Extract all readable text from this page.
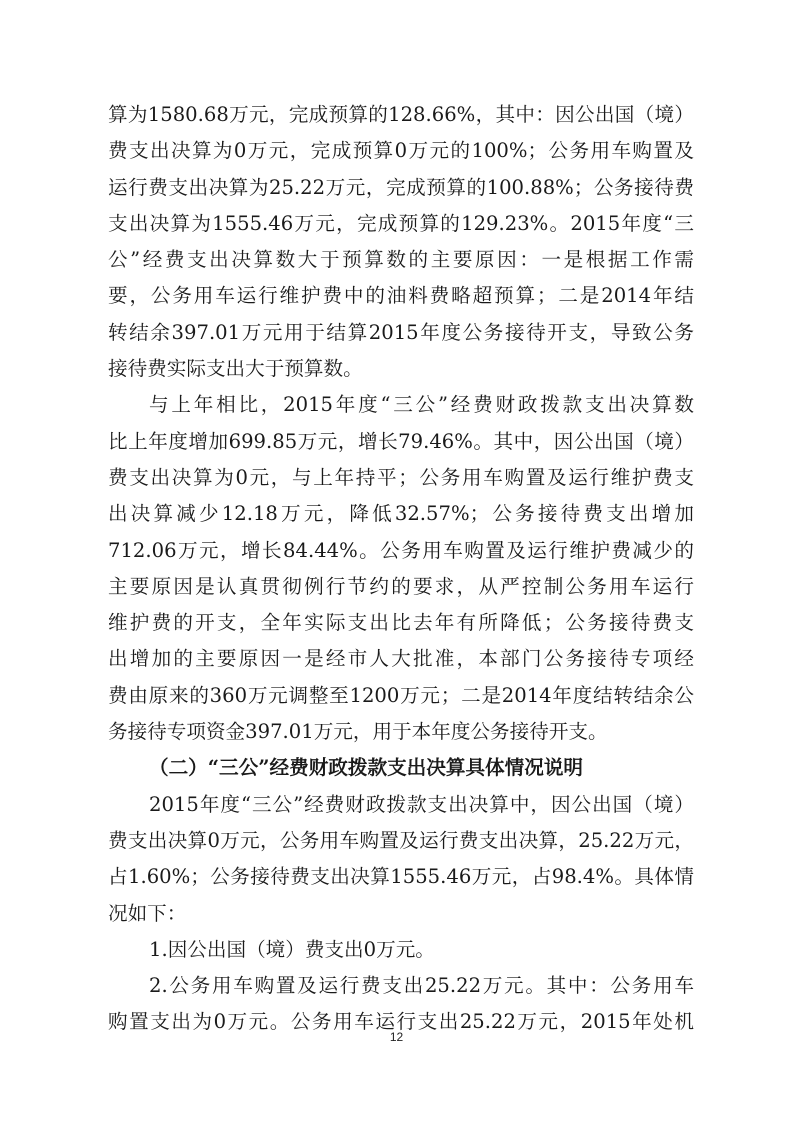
算为1580.68万元，完成预算的128.66%，其中：因公出国（境）
费支出决算为0万元，完成预算0万元的100%；公务用车购置及
运行费支出决算为25.22万元，完成预算的100.88%；公务接待费
支出决算为1555.46万元，完成预算的129.23%。2015年度“三
公”经费支出决算数大于预算数的主要原因：一是根据工作需
要，公务用车运行维护费中的油料费略超预算；二是2014年结
转结余397.01万元用于结算2015年度公务接待开支，导致公务
接待费实际支出大于预算数。
与上年相比，2015年度“三公”经费财政拨款支出决算数
比上年度增加699.85万元，增长79.46%。其中，因公出国（境）
费支出决算为0元，与上年持平；公务用车购置及运行维护费支
出决算减少12.18万元，降低32.57%；公务接待费支出增加
712.06万元，增长84.44%。公务用车购置及运行维护费减少的
主要原因是认真贯彻例行节约的要求，从严控制公务用车运行
维护费的开支，全年实际支出比去年有所降低；公务接待费支
出增加的主要原因一是经市人大批准，本部门公务接待专项经
费由原来的360万元调整至1200万元；二是2014年度结转结余公
务接待专项资金397.01万元，用于本年度公务接待开支。
（二）“三公”经费财政拨款支出决算具体情况说明
2015年度“三公”经费财政拨款支出决算中，因公出国（境）
费支出决算0万元，公务用车购置及运行费支出决算，25.22万元，
占1.60%；公务接待费支出决算1555.46万元，占98.4%。具体情
况如下：
1.因公出国（境）费支出0万元。
2.公务用车购置及运行费支出25.22万元。其中：公务用车
购置支出为0万元。公务用车运行支出25.22万元，2015年处机
12
